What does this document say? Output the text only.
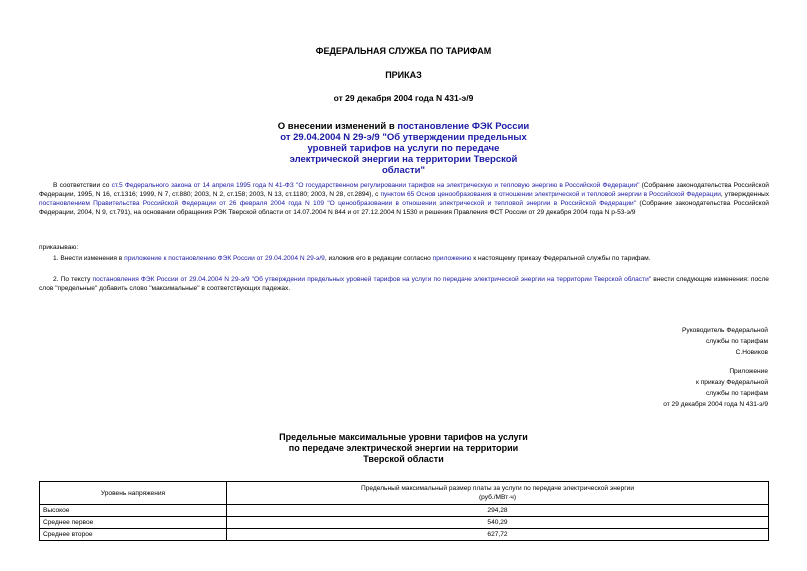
ФЕДЕРАЛЬНАЯ СЛУЖБА ПО ТАРИФАМ
ПРИКАЗ
от 29 декабря 2004 года N 431-э/9
О внесении изменений в постановление ФЭК России от 29.04.2004 N 29-э/9 "Об утверждении предельных уровней тарифов на услуги по передаче электрической энергии на территории Тверской области"
В соответствии со ст.5 Федерального закона от 14 апреля 1995 года N 41-ФЗ "О государственном регулировании тарифов на электрическую и тепловую энергию в Российской Федерации" (Собрание законодательства Российской Федерации, 1995, N 16, ст.1316; 1999, N 7, ст.880; 2003, N 2, ст.158; 2003, N 13, ст.1180; 2003, N 28, ст.2894), с пунктом 65 Основ ценообразования в отношении электрической и тепловой энергии в Российской Федерации, утвержденных постановлением Правительства Российской Федерации от 26 февраля 2004 года N 109 "О ценообразовании в отношении электрической и тепловой энергии в Российской Федерации" (Собрание законодательства Российской Федерации, 2004, N 9, ст.791), на основании обращения РЭК Тверской области от 14.07.2004 N 844 и от 27.12.2004 N 1530 и решения Правления ФСТ России от 29 декабря 2004 года N р-53-э/9
приказываю:
1. Внести изменения в приложение к постановлению ФЭК России от 29.04.2004 N 29-э/9, изложив его в редакции согласно приложению к настоящему приказу Федеральной службы по тарифам.
2. По тексту постановления ФЭК России от 29.04.2004 N 29-э/9 "Об утверждении предельных уровней тарифов на услуги по передаче электрической энергии на территории Тверской области" внести следующие изменения: после слов "предельные" добавить слово "максимальные" в соответствующих падежах.
Руководитель Федеральной
службы по тарифам
С.Новиков
Приложение
к приказу Федеральной
службы по тарифам
от 29 декабря 2004 года N 431-э/9
Предельные максимальные уровни тарифов на услуги
по передаче электрической энергии на территории
Тверской области
Уровень напряжения	Предельный максимальный размер платы за услуги по передаче электрической энергии
(руб./МВт·ч)

Высокое	294,28
Среднее первое	540,29
Среднее второе	627,72
